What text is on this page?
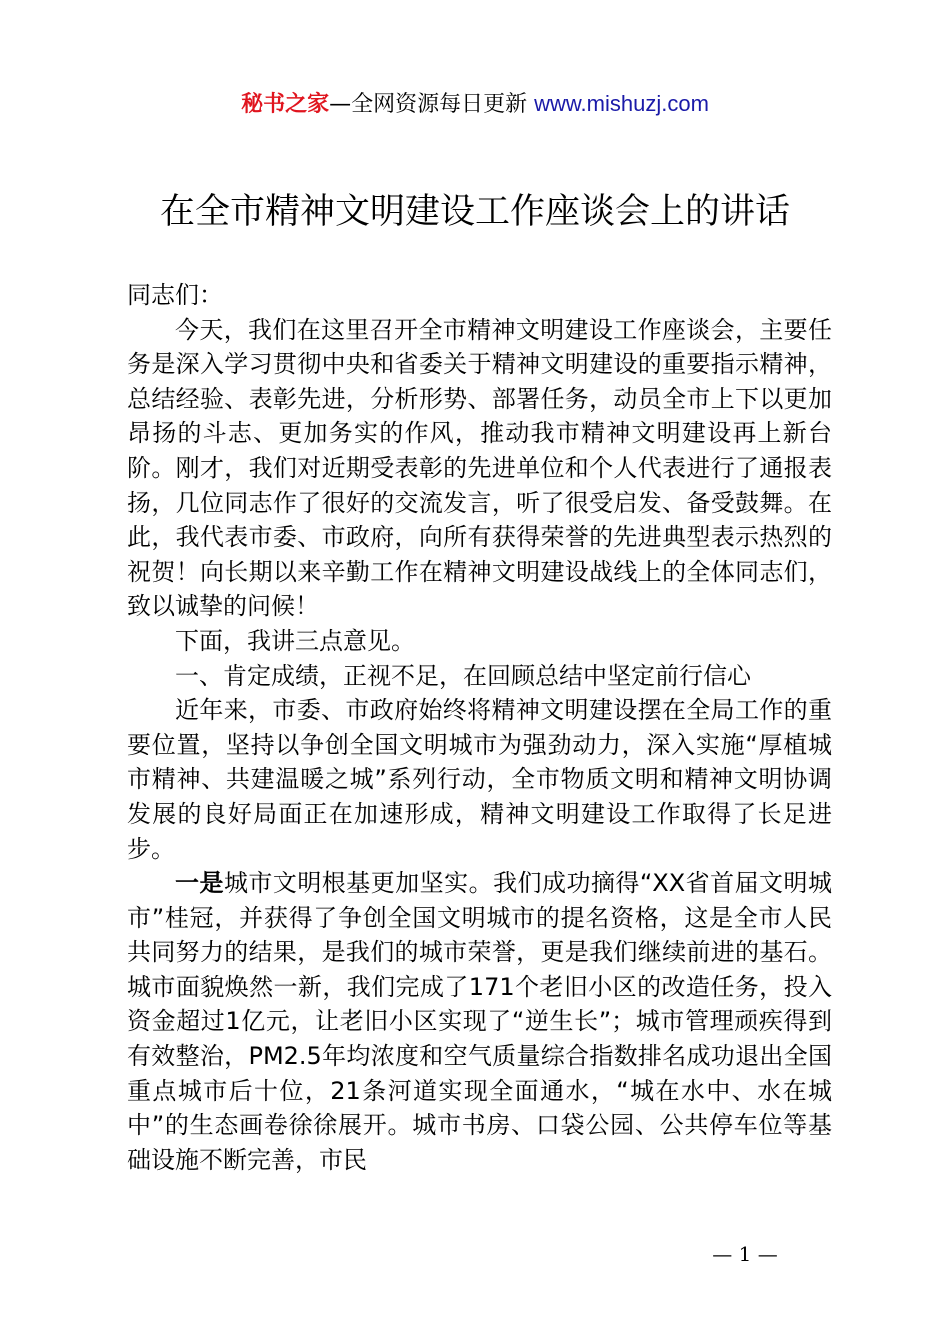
秘书之家—全网资源每日更新 www.mishuzj.com
在全市精神文明建设工作座谈会上的讲话

同志们：

今天，我们在这里召开全市精神文明建设工作座谈会，主要任务是深入学习贯彻中央和省委关于精神文明建设的重要指示精神，总结经验、表彰先进，分析形势、部署任务，动员全市上下以更加昂扬的斗志、更加务实的作风，推动我市精神文明建设再上新台阶。刚才，我们对近期受表彰的先进单位和个人代表进行了通报表扬，几位同志作了很好的交流发言，听了很受启发、备受鼓舞。在此，我代表市委、市政府，向所有获得荣誉的先进典型表示热烈的祝贺！向长期以来辛勤工作在精神文明建设战线上的全体同志们，致以诚挚的问候！

下面，我讲三点意见。

一、肯定成绩，正视不足，在回顾总结中坚定前行信心

近年来，市委、市政府始终将精神文明建设摆在全局工作的重要位置，坚持以争创全国文明城市为强劲动力，深入实施“厚植城市精神、共建温暖之城”系列行动，全市物质文明和精神文明协调发展的良好局面正在加速形成，精神文明建设工作取得了长足进步。

一是城市文明根基更加坚实。我们成功摘得“XX省首届文明城市”桂冠，并获得了争创全国文明城市的提名资格，这是全市人民共同努力的结果，是我们的城市荣誉，更是我们继续前进的基石。城市面貌焕然一新，我们完成了171个老旧小区的改造任务，投入资金超过1亿元，让老旧小区实现了“逆生长”；城市管理顽疾得到有效整治，PM2.5年均浓度和空气质量综合指数排名成功退出全国重点城市后十位，21条河道实现全面通水，“城在水中、水在城中”的生态画卷徐徐展开。城市书房、口袋公园、公共停车位等基础设施不断完善，市民

— 1 —
